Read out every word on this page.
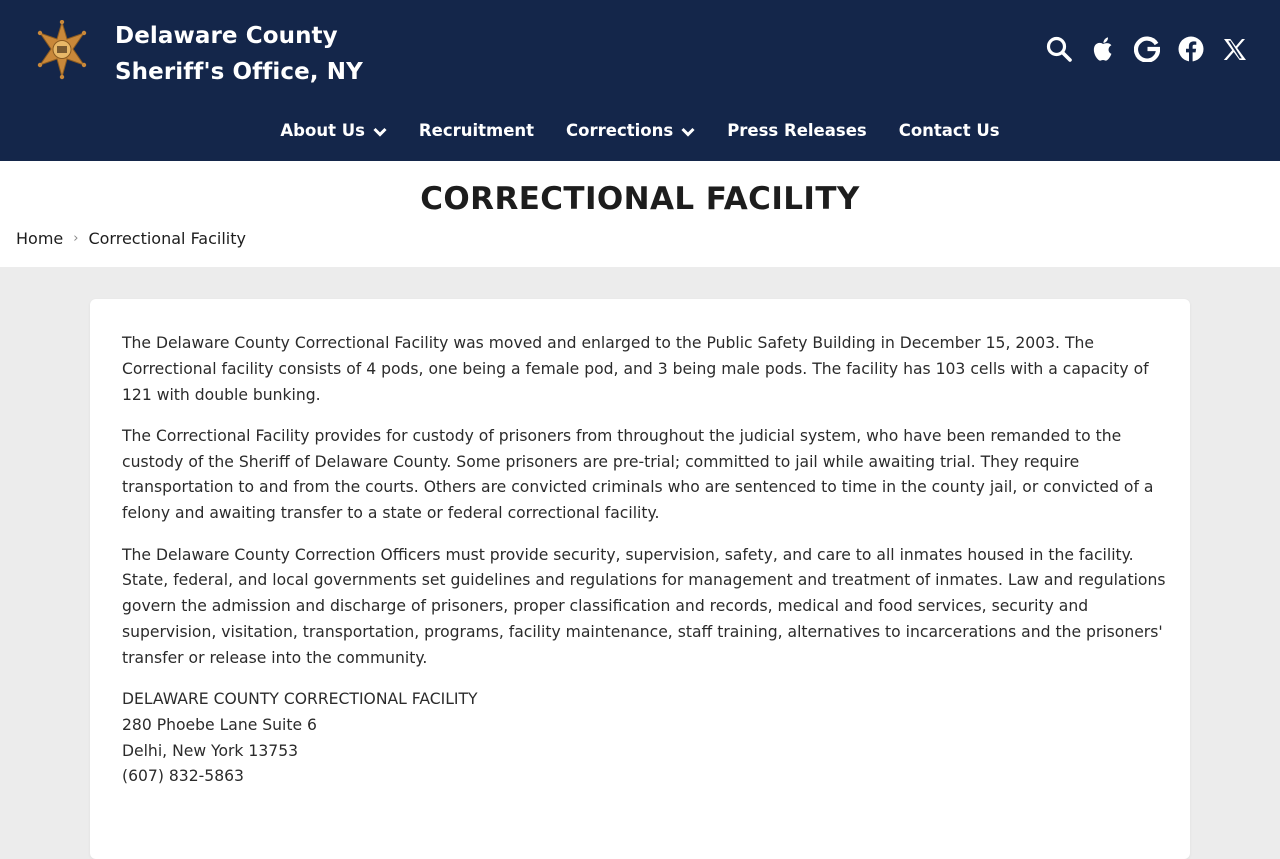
Delaware County
Sheriff's Office, NY
About Us	Recruitment Corrections	Press Releases Contact Us
CORRECTIONAL FACILITY
Home › Correctional Facility

The Delaware County Correctional Facility was moved and enlarged to the Public Safety Building in December 15, 2003. The Correctional facility consists of 4 pods, one being a female pod, and 3 being male pods. The facility has 103 cells with a capacity of 121 with double bunking.

The Correctional Facility provides for custody of prisoners from throughout the judicial system, who have been remanded to the custody of the Sheriff of Delaware County. Some prisoners are pre-trial; committed to jail while awaiting trial. They require transportation to and from the courts. Others are convicted criminals who are sentenced to time in the county jail, or convicted of a felony and awaiting transfer to a state or federal correctional facility.

The Delaware County Correction Officers must provide security, supervision, safety, and care to all inmates housed in the facility. State, federal, and local governments set guidelines and regulations for management and treatment of inmates. Law and regulations govern the admission and discharge of prisoners, proper classification and records, medical and food services, security and supervision, visitation, transportation, programs, facility maintenance, staff training, alternatives to incarcerations and the prisoners' transfer or release into the community.

DELAWARE COUNTY CORRECTIONAL FACILITY
280 Phoebe Lane Suite 6
Delhi, New York 13753
(607) 832-5863
